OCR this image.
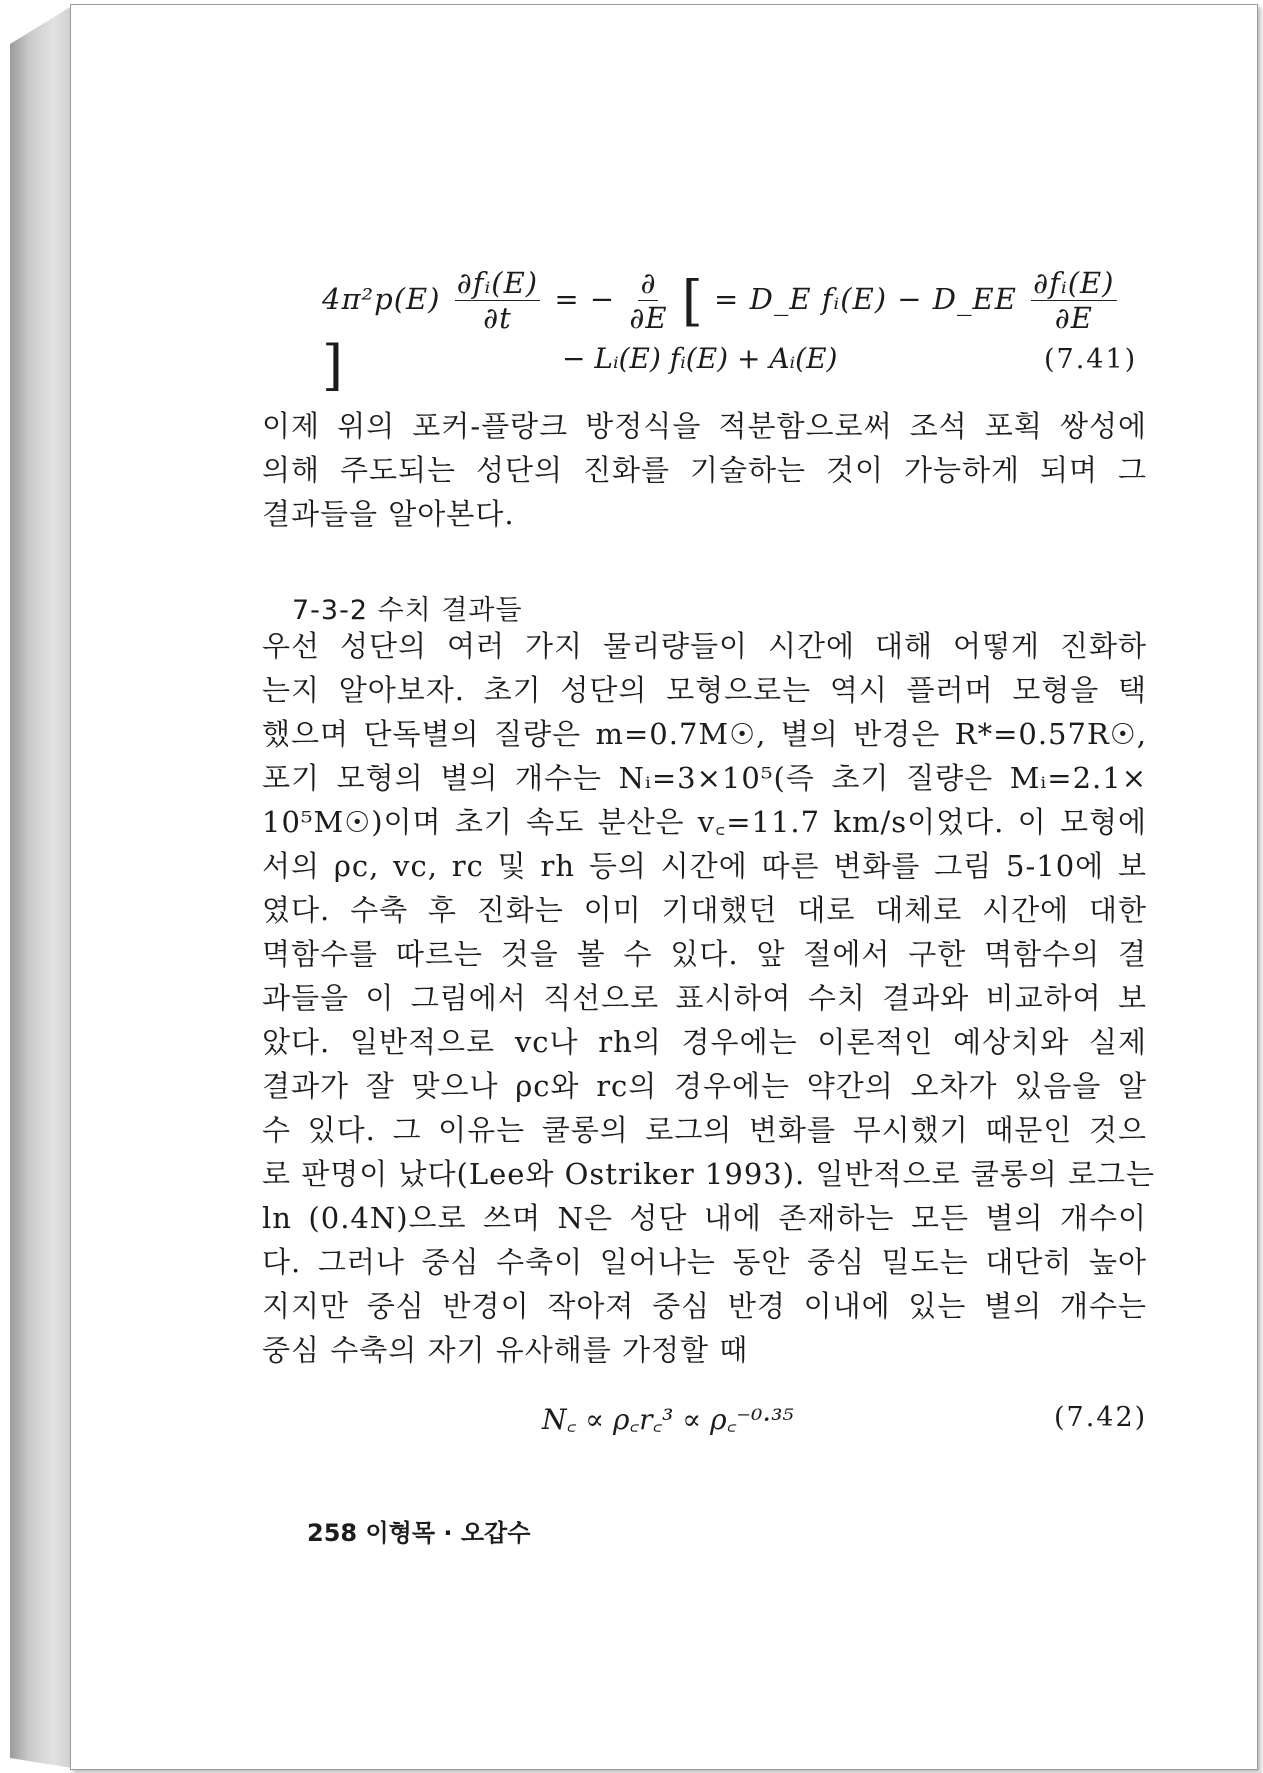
$4\pi^2p(E) \frac{\text{∂fᵢ(E)}}{\partial t}$ = − $\frac{\partial}{\partial E}$ [ = D_E fᵢ(E) − D_EE $\frac{\text{∂fᵢ(E)}}{\partial E}$
]	− Lᵢ(E) fᵢ(E) + Aᵢ(E)	(7.41)
이제 위의 포커-플랑크 방정식을 적분함으로써 조석 포획 쌍성에
의해 주도되는 성단의 진화를 기술하는 것이 가능하게 되며 그
결과들을 알아본다.
7-3-2 수치 결과들
우선 성단의 여러 가지 물리량들이 시간에 대해 어떻게 진화하
는지 알아보자. 초기 성단의 모형으로는 역시 플러머 모형을 택
했으며 단독별의 질량은 m=0.7M☉, 별의 반경은 R*=0.57R☉,
포기 모형의 별의 개수는 Nᵢ=3×10⁵(즉 초기 질량은 Mᵢ=2.1×
10⁵M☉)이며 초기 속도 분산은 v꜀=11.7 km/s이었다. 이 모형에
서의 ρc, vc, rc 및 rh 등의 시간에 따른 변화를 그림 5-10에 보
였다. 수축 후 진화는 이미 기대했던 대로 대체로 시간에 대한
멱함수를 따르는 것을 볼 수 있다. 앞 절에서 구한 멱함수의 결
과들을 이 그림에서 직선으로 표시하여 수치 결과와 비교하여 보
았다. 일반적으로 vc나 rh의 경우에는 이론적인 예상치와 실제
결과가 잘 맞으나 ρc와 rc의 경우에는 약간의 오차가 있음을 알
수 있다. 그 이유는 쿨롱의 로그의 변화를 무시했기 때문인 것으
로 판명이 났다(Lee와 Ostriker 1993). 일반적으로 쿨롱의 로그는
ln (0.4N)으로 쓰며 N은 성단 내에 존재하는 모든 별의 개수이
다. 그러나 중심 수축이 일어나는 동안 중심 밀도는 대단히 높아
지지만 중심 반경이 작아져 중심 반경 이내에 있는 별의 개수는
중심 수축의 자기 유사해를 가정할 때
N꜀ ∝ ρ꜀r꜀³ ∝ ρ꜀⁻⁰·³⁵	(7.42)
258 이형목 · 오갑수
